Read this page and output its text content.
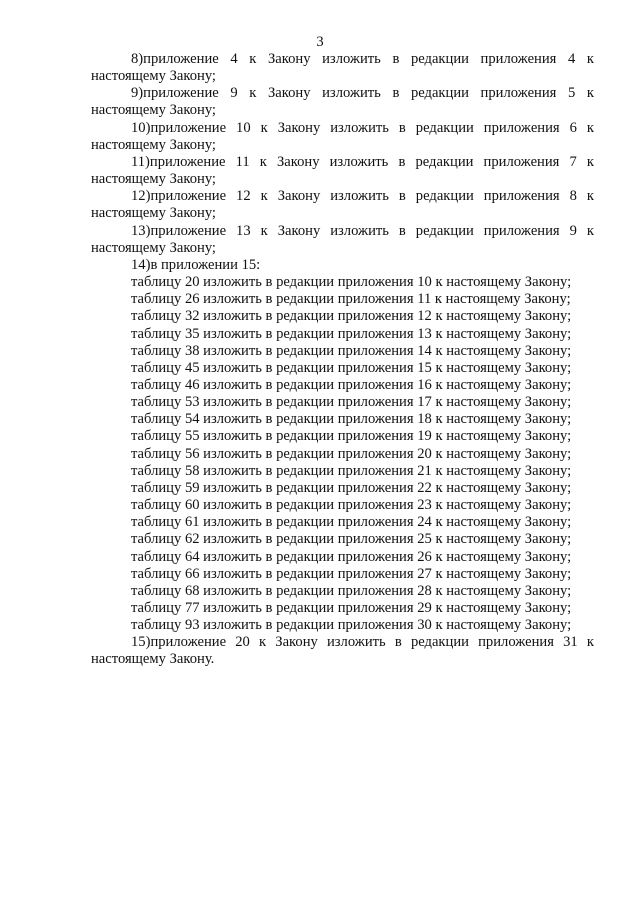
3

8)приложение 4 к Закону изложить в редакции приложения 4 к настоящему Закону;

9)приложение 9 к Закону изложить в редакции приложения 5 к настоящему Закону;

10)приложение 10 к Закону изложить в редакции приложения 6 к настоящему Закону;

11)приложение 11 к Закону изложить в редакции приложения 7 к настоящему Закону;

12)приложение 12 к Закону изложить в редакции приложения 8 к настоящему Закону;

13)приложение 13 к Закону изложить в редакции приложения 9 к настоящему Закону;

14)в приложении 15:

таблицу 20 изложить в редакции приложения 10 к настоящему Закону;

таблицу 26 изложить в редакции приложения 11 к настоящему Закону;

таблицу 32 изложить в редакции приложения 12 к настоящему Закону;

таблицу 35 изложить в редакции приложения 13 к настоящему Закону;

таблицу 38 изложить в редакции приложения 14 к настоящему Закону;

таблицу 45 изложить в редакции приложения 15 к настоящему Закону;

таблицу 46 изложить в редакции приложения 16 к настоящему Закону;

таблицу 53 изложить в редакции приложения 17 к настоящему Закону;

таблицу 54 изложить в редакции приложения 18 к настоящему Закону;

таблицу 55 изложить в редакции приложения 19 к настоящему Закону;

таблицу 56 изложить в редакции приложения 20 к настоящему Закону;

таблицу 58 изложить в редакции приложения 21 к настоящему Закону;

таблицу 59 изложить в редакции приложения 22 к настоящему Закону;

таблицу 60 изложить в редакции приложения 23 к настоящему Закону;

таблицу 61 изложить в редакции приложения 24 к настоящему Закону;

таблицу 62 изложить в редакции приложения 25 к настоящему Закону;

таблицу 64 изложить в редакции приложения 26 к настоящему Закону;

таблицу 66 изложить в редакции приложения 27 к настоящему Закону;

таблицу 68 изложить в редакции приложения 28 к настоящему Закону;

таблицу 77 изложить в редакции приложения 29 к настоящему Закону;

таблицу 93 изложить в редакции приложения 30 к настоящему Закону;

15)приложение 20 к Закону изложить в редакции приложения 31 к настоящему Закону.
